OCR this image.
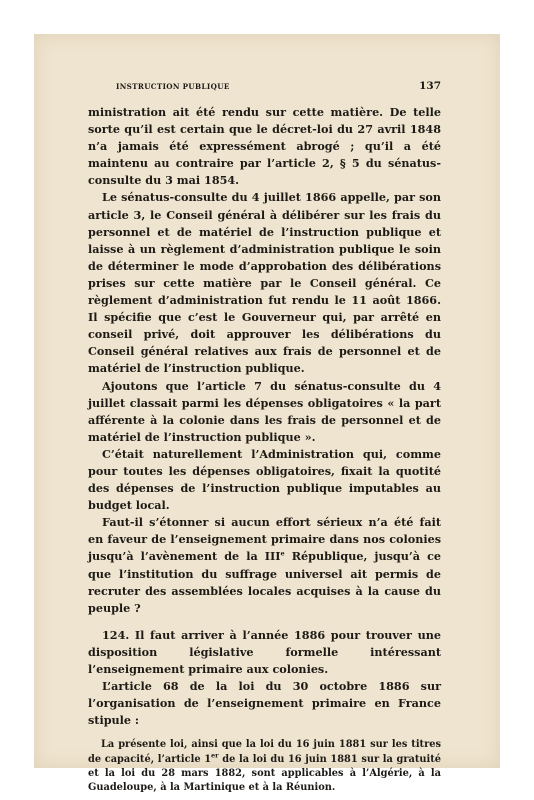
INSTRUCTION PUBLIQUE	137

ministration ait été rendu sur cette matière. De telle sorte qu’il est certain que le décret-loi du 27 avril 1848 n’a jamais été expressément abrogé ; qu’il a été maintenu au contraire par l’article 2, § 5 du sénatus-consulte du 3 mai 1854.

Le sénatus-consulte du 4 juillet 1866 appelle, par son article 3, le Conseil général à délibérer sur les frais du personnel et de matériel de l’instruction publique et laisse à un règlement d’administration publique le soin de déterminer le mode d’approbation des délibérations prises sur cette matière par le Conseil général. Ce règlement d’administration fut rendu le 11 août 1866. Il spécifie que c’est le Gouverneur qui, par arrêté en conseil privé, doit approuver les délibérations du Conseil général relatives aux frais de personnel et de matériel de l’instruction publique.

Ajoutons que l’article 7 du sénatus-consulte du 4 juillet classait parmi les dépenses obligatoires « la part afférente à la colonie dans les frais de personnel et de matériel de l’instruction publique ».

C’était naturellement l’Administration qui, comme pour toutes les dépenses obligatoires, fixait la quotité des dépenses de l’instruction publique imputables au budget local.

Faut-il s’étonner si aucun effort sérieux n’a été fait en faveur de l’enseignement primaire dans nos colonies jusqu’à l’avènement de la IIIe République, jusqu’à ce que l’institution du suffrage universel ait permis de recruter des assemblées locales acquises à la cause du peuple ?

124. Il faut arriver à l’année 1886 pour trouver une disposition législative formelle intéressant l’enseignement primaire aux colonies.

L’article 68 de la loi du 30 octobre 1886 sur l’organisation de l’enseignement primaire en France stipule :

La présente loi, ainsi que la loi du 16 juin 1881 sur les titres de capacité, l’article 1er de la loi du 16 juin 1881 sur la gratuité et la loi du 28 mars 1882, sont applicables à l’Algérie, à la Guadeloupe, à la Martinique et à la Réunion.
